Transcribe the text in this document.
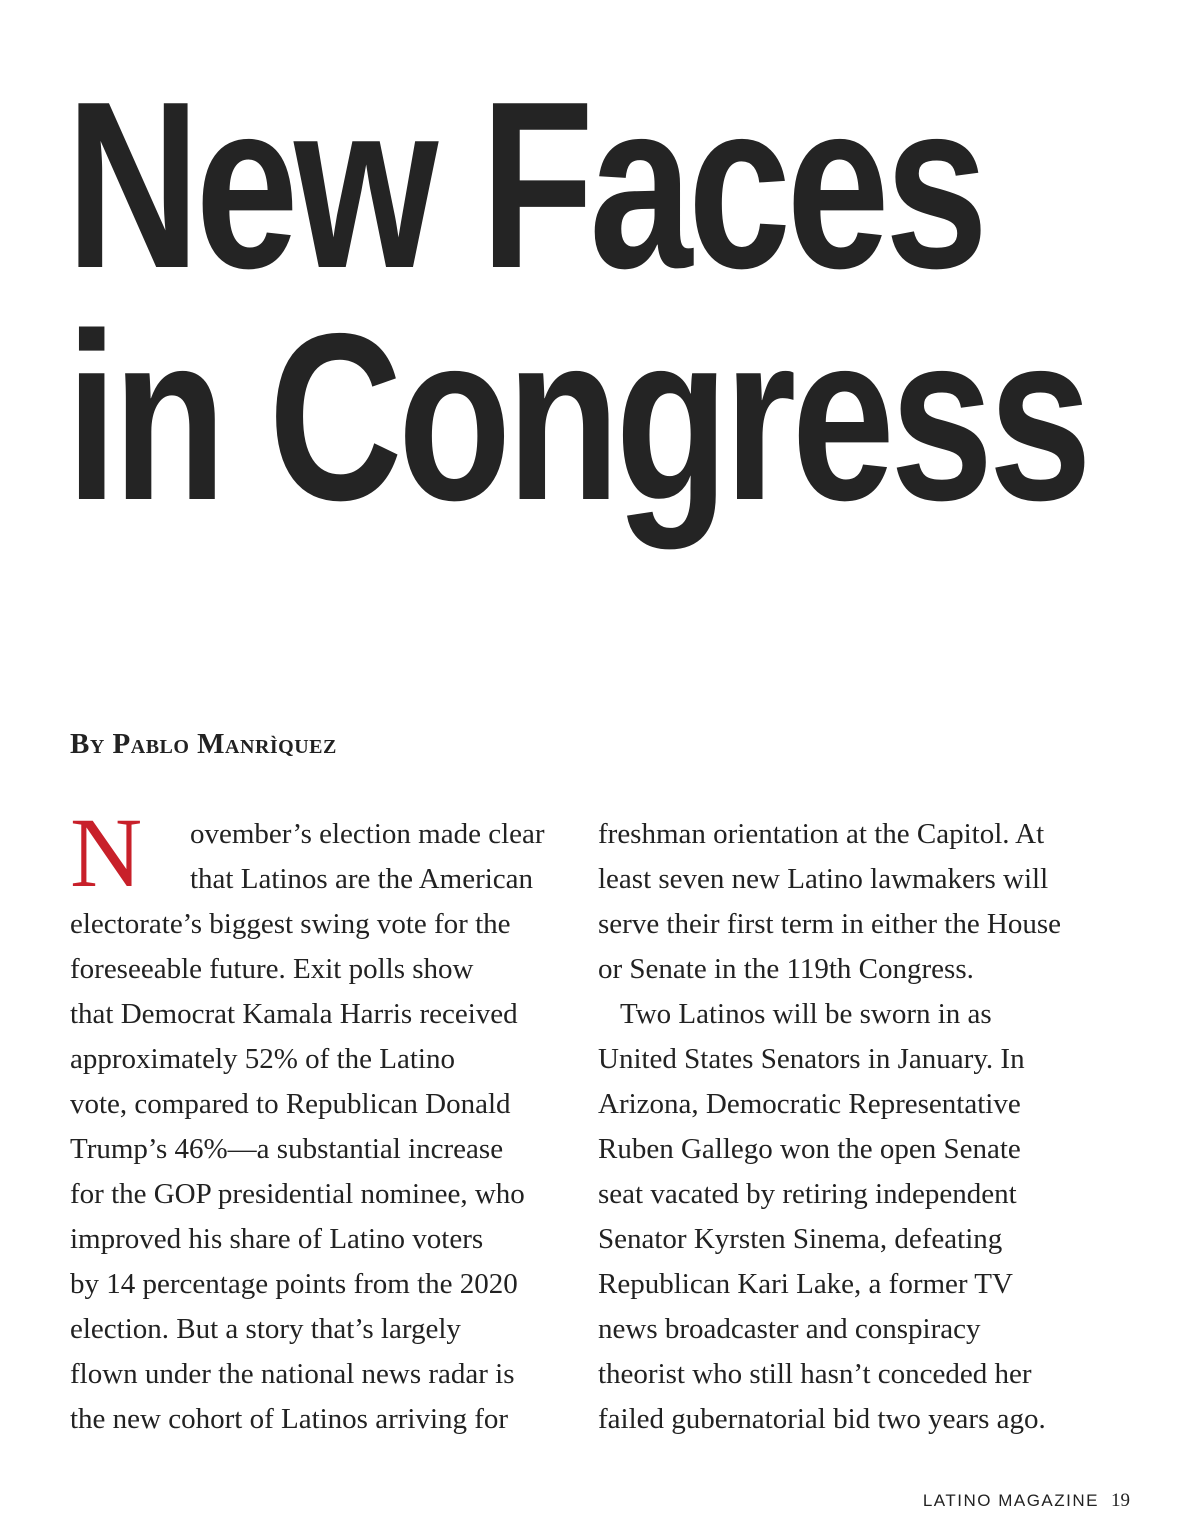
New Faces
in Congress
By Pablo Manrìquez
N	ovember’s election made clear
that Latinos are the American
electorate’s biggest swing vote for the
foreseeable future. Exit polls show
that Democrat Kamala Harris received
approximately 52% of the Latino
vote, compared to Republican Donald
Trump’s 46%—a substantial increase
for the GOP presidential nominee, who
improved his share of Latino voters
by 14 percentage points from the 2020
election. But a story that’s largely
flown under the national news radar is
the new cohort of Latinos arriving for
freshman orientation at the Capitol. At
least seven new Latino lawmakers will
serve their first term in either the House
or Senate in the 119th Congress.
Two Latinos will be sworn in as
United States Senators in January. In
Arizona, Democratic Representative
Ruben Gallego won the open Senate
seat vacated by retiring independent
Senator Kyrsten Sinema, defeating
Republican Kari Lake, a former TV
news broadcaster and conspiracy
theorist who still hasn’t conceded her
failed gubernatorial bid two years ago.
LATINO MAGAZINE 19
